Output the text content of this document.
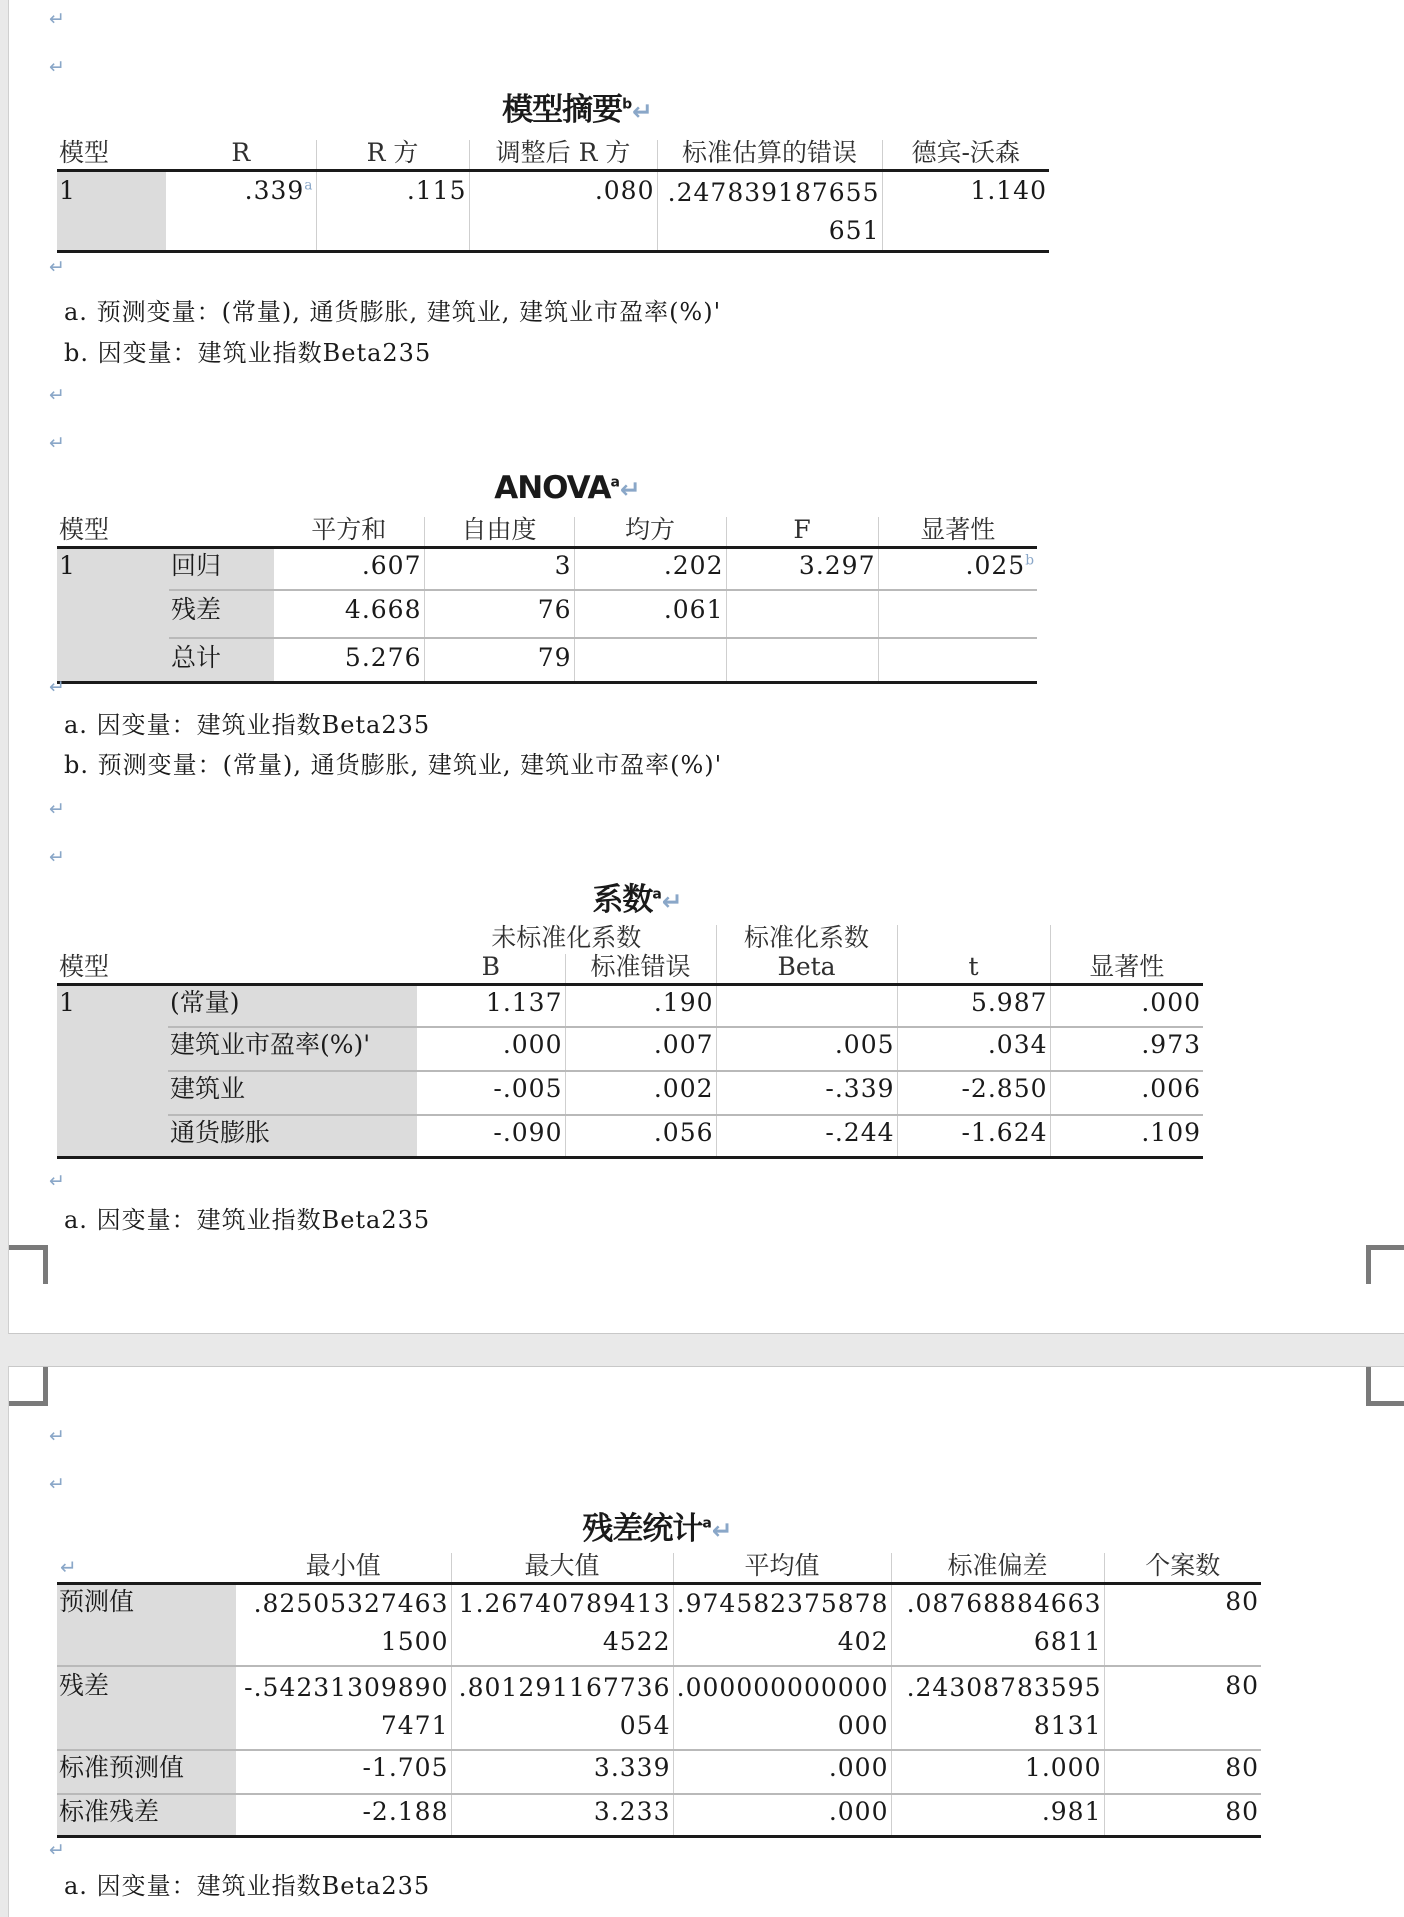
↵
↵
模型摘要$^b$↵
模型	R	R 方	调整后 R 方	标准估算的错误	德宾-沃森
1	.339$^a$	.115	.080	.247839187655651	1.140
↵
a. 预测变量：(常量), 通货膨胀, 建筑业, 建筑业市盈率(%)'
b. 因变量：建筑业指数Beta235
↵
↵
ANOVA$^a$↵
模型		平方和	自由度	均方	F	显著性
1	回归	.607	3	.202	3.297	.025$^b$
	残差	4.668	76	.061		
	总计	5.276	79			
↵
a. 因变量：建筑业指数Beta235
b. 预测变量：(常量), 通货膨胀, 建筑业, 建筑业市盈率(%)'
↵
↵
系数$^a$↵
		未标准化系数		标准化系数		
模型		B	标准错误	Beta	t	显著性
1	(常量)	1.137	.190		5.987	.000
	建筑业市盈率(%)'	.000	.007	.005	.034	.973
	建筑业	-.005	.002	-.339	-2.850	.006
	通货膨胀	-.090	.056	-.244	-1.624	.109
↵
a. 因变量：建筑业指数Beta235
↵
↵
残差统计$^a$↵
↵	最小值	最大值	平均值	标准偏差	个案数
预测值	.825053274631500	1.267407894134522	.974582375878402	.087688846636811	80
残差	-.542313098907471	.801291167736054	.000000000000000	.243087835958131	80
标准预测值	-1.705	3.339	.000	1.000	80
标准残差	-2.188	3.233	.000	.981	80
↵
a. 因变量：建筑业指数Beta235
